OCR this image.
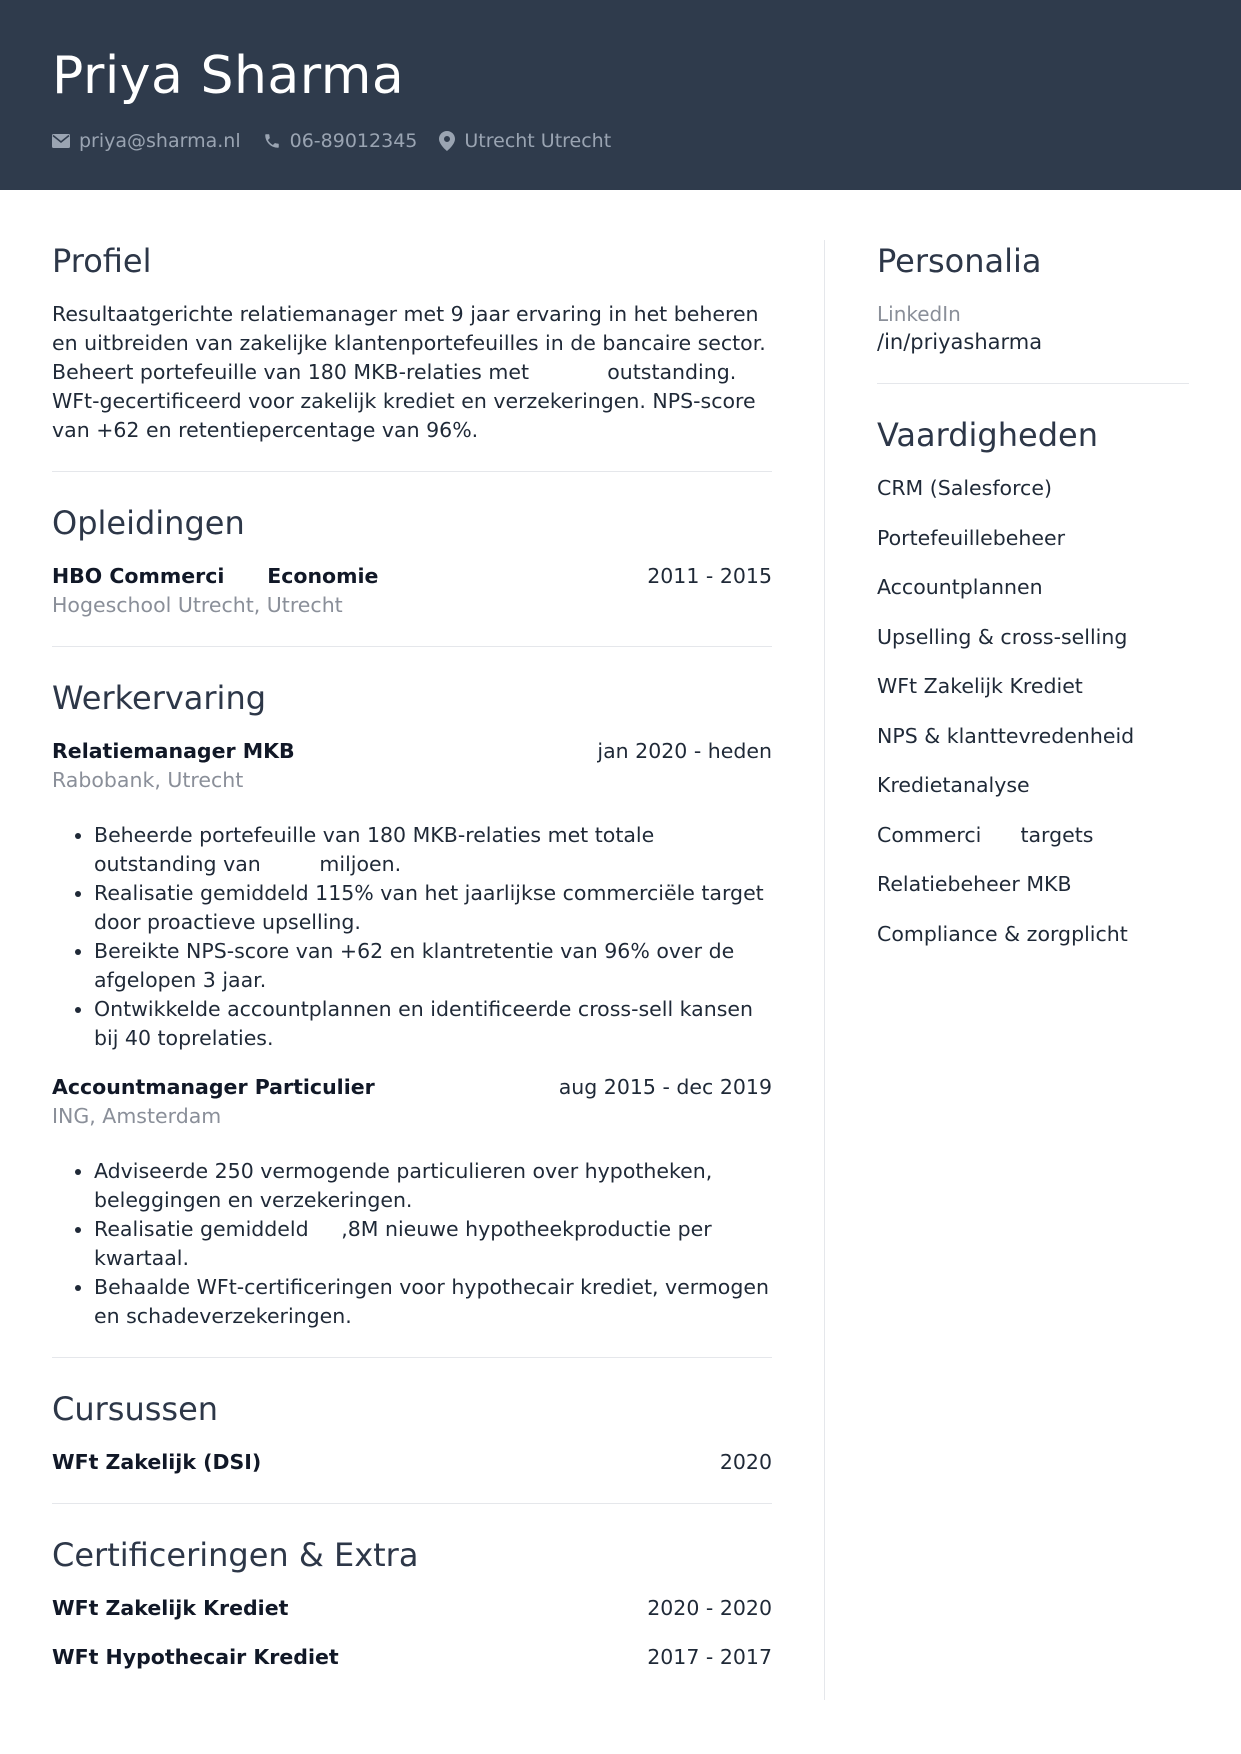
Priya Sharma
priya@sharma.nl	06-89012345 Utrecht Utrecht
Profiel

Resultaatgerichte relatiemanager met 9 jaar ervaring in het beheren en uitbreiden van zakelijke klantenportefeuilles in de bancaire sector. Beheert portefeuille van 180 MKB-relaties met            outstanding. WFt-gecertificeerd voor zakelijk krediet en verzekeringen. NPS-score van +62 en retentiepercentage van 96%.

Opleidingen
HBO Commerci      Economie	2011 - 2015
Hogeschool Utrecht, Utrecht
Werkervaring
Relatiemanager MKB	jan 2020 - heden
Rabobank, Utrecht
• Beheerde portefeuille van 180 MKB-relaties met totale outstanding van         miljoen.
• Realisatie gemiddeld 115% van het jaarlijkse commerciële target door proactieve upselling.
• Bereikte NPS-score van +62 en klantretentie van 96% over de afgelopen 3 jaar.
• Ontwikkelde accountplannen en identificeerde cross-sell kansen bij 40 toprelaties.
Accountmanager Particulier	aug 2015 - dec 2019
ING, Amsterdam
• Adviseerde 250 vermogende particulieren over hypotheken, beleggingen en verzekeringen.
• Realisatie gemiddeld     ,8M nieuwe hypotheekproductie per kwartaal.
• Behaalde WFt-certificeringen voor hypothecair krediet, vermogen en schadeverzekeringen.
Cursussen
WFt Zakelijk (DSI)	2020
Certificeringen & Extra
WFt Zakelijk Krediet	2020 - 2020
WFt Hypothecair Krediet	2017 - 2017
Personalia
LinkedIn
/in/priyasharma
Vaardigheden
CRM (Salesforce)
Portefeuillebeheer
Accountplannen
Upselling & cross-selling
WFt Zakelijk Krediet
NPS & klanttevredenheid
Kredietanalyse
Commerci      targets
Relatiebeheer MKB
Compliance & zorgplicht
